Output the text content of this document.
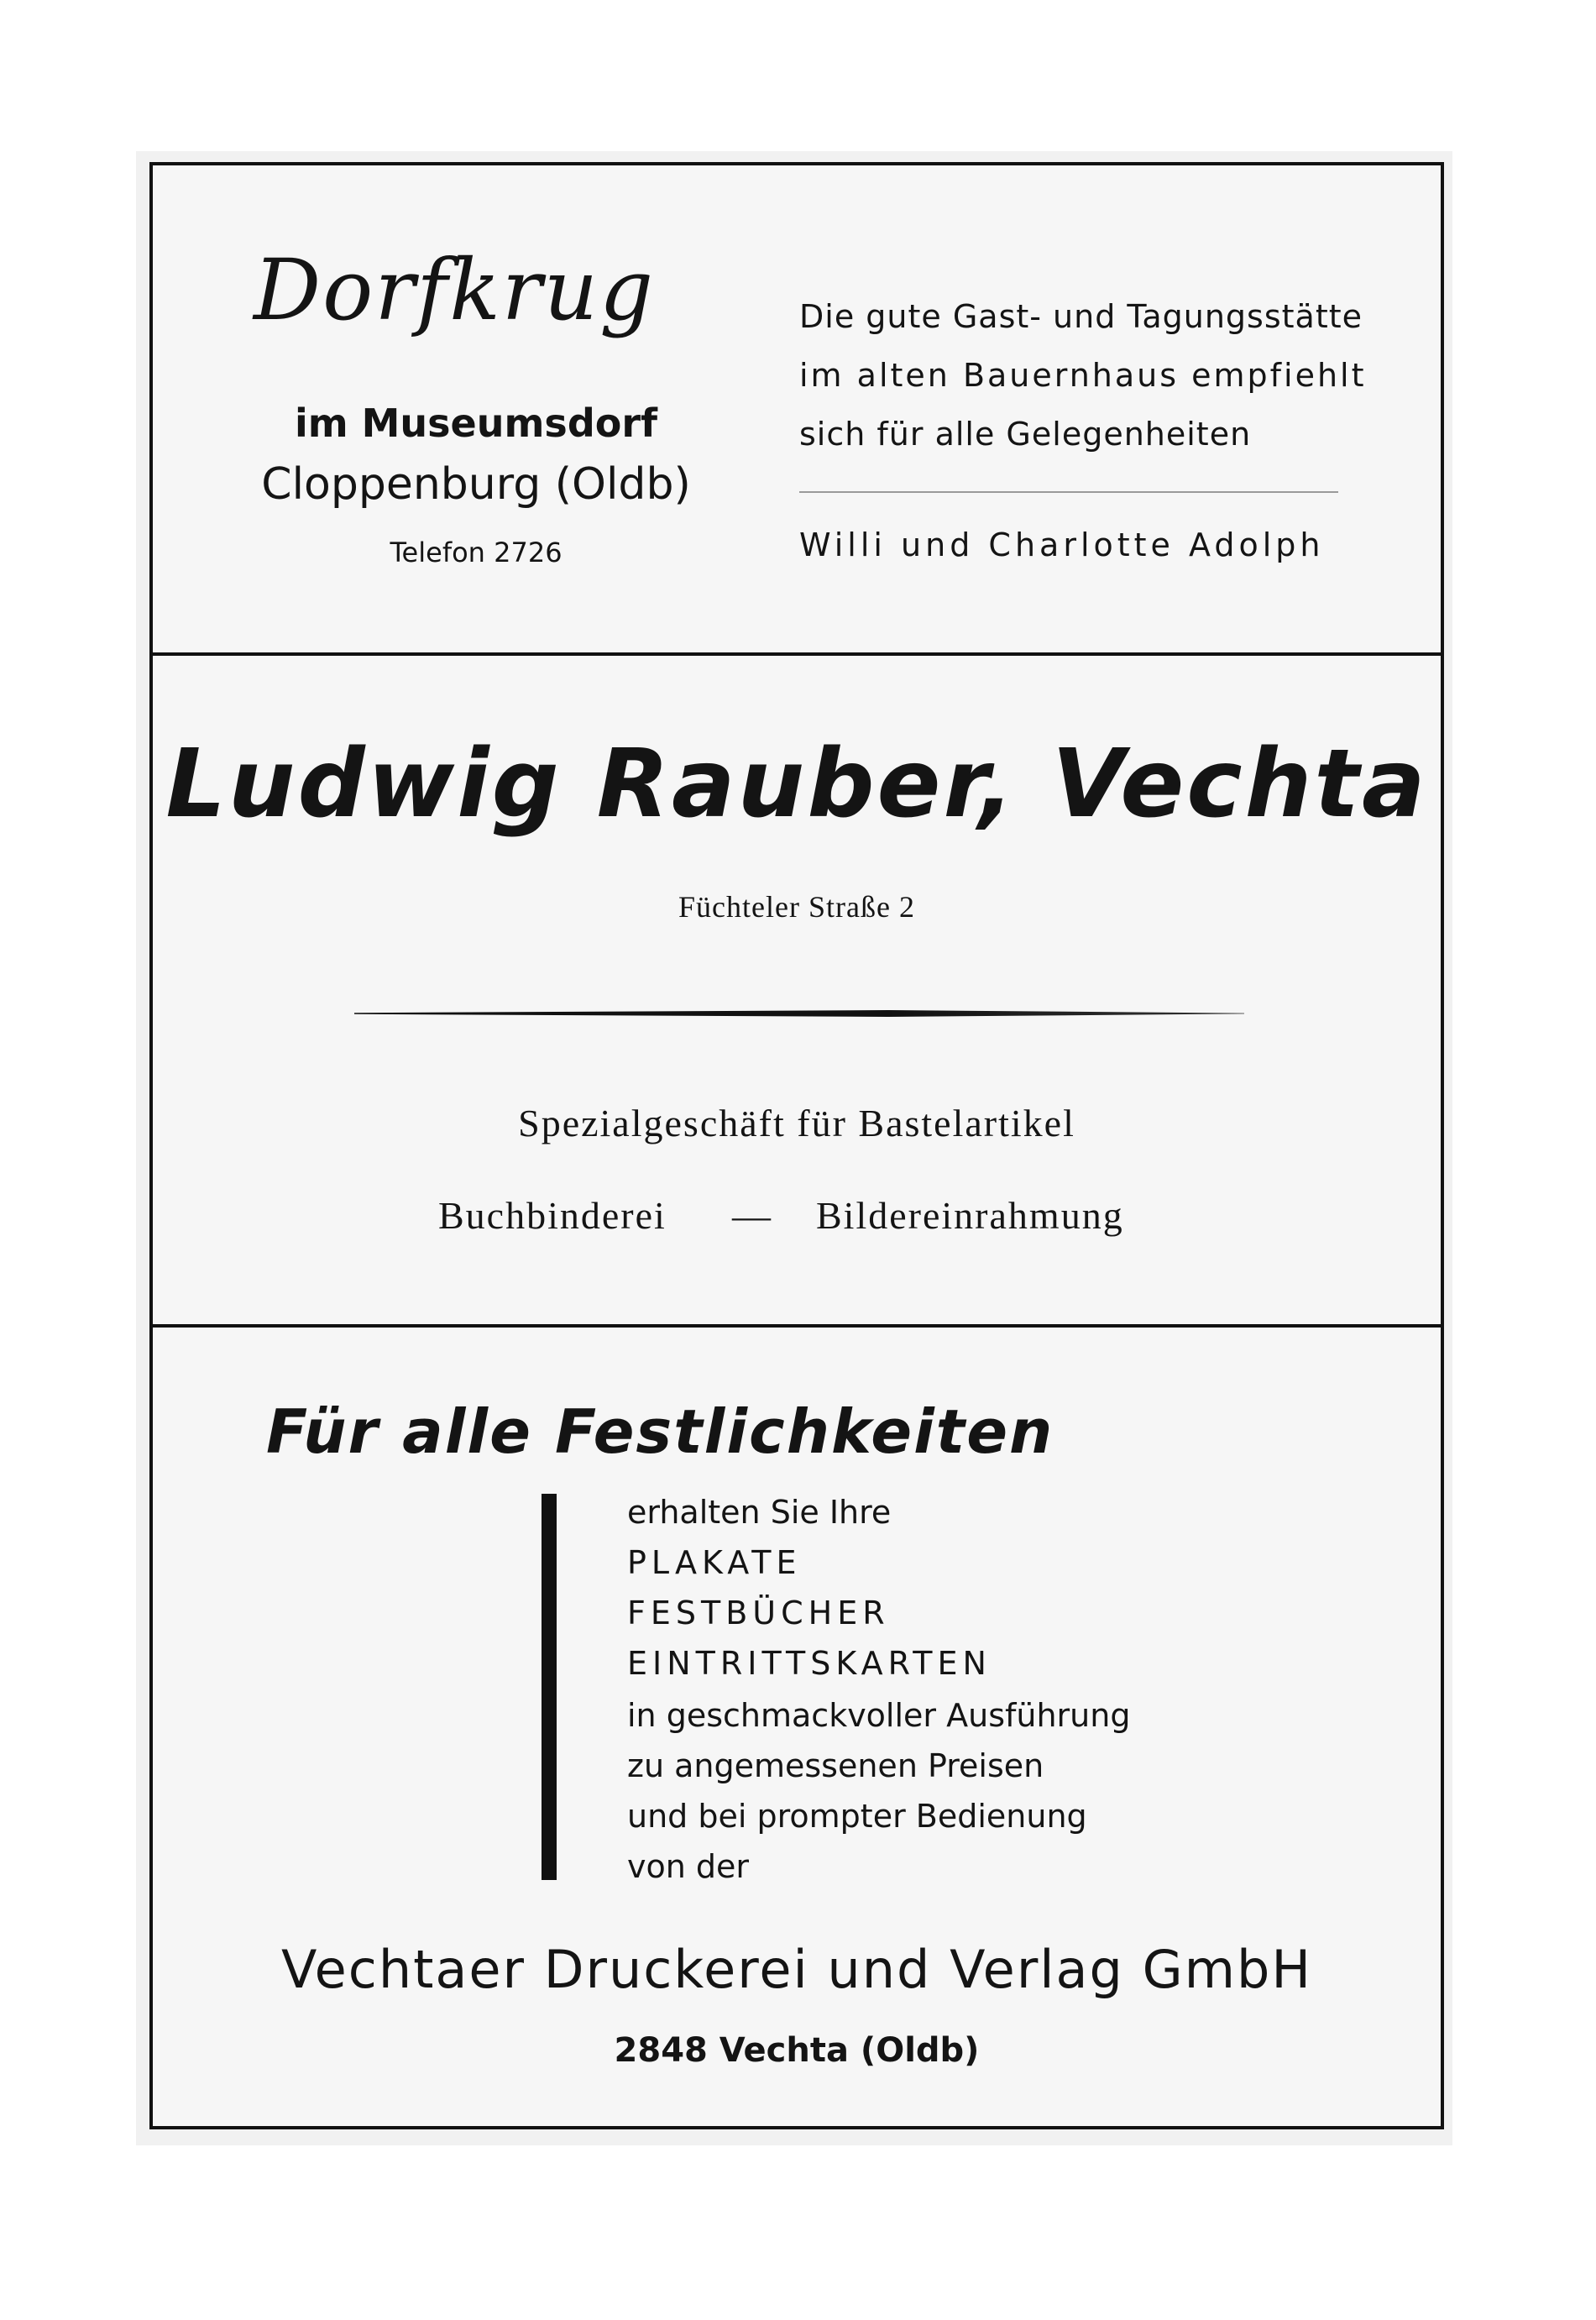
Dorfkrug
im Museumsdorf
Cloppenburg (Oldb)
Telefon 2726
Die gute Gast- und Tagungsstätte
im alten Bauernhaus empfiehlt
sich für alle Gelegenheiten
Willi und Charlotte Adolph
Ludwig Rauber, Vechta
Füchteler Straße 2
Spezialgeschäft für Bastelartikel
Buchbinderei — Bildereinrahmung
Für alle Festlichkeiten
erhalten Sie Ihre
PLAKATE
FESTBÜCHER
EINTRITTSKARTEN
in geschmackvoller Ausführung
zu angemessenen Preisen
und bei prompter Bedienung
von der
Vechtaer Druckerei und Verlag GmbH
2848 Vechta (Oldb)
